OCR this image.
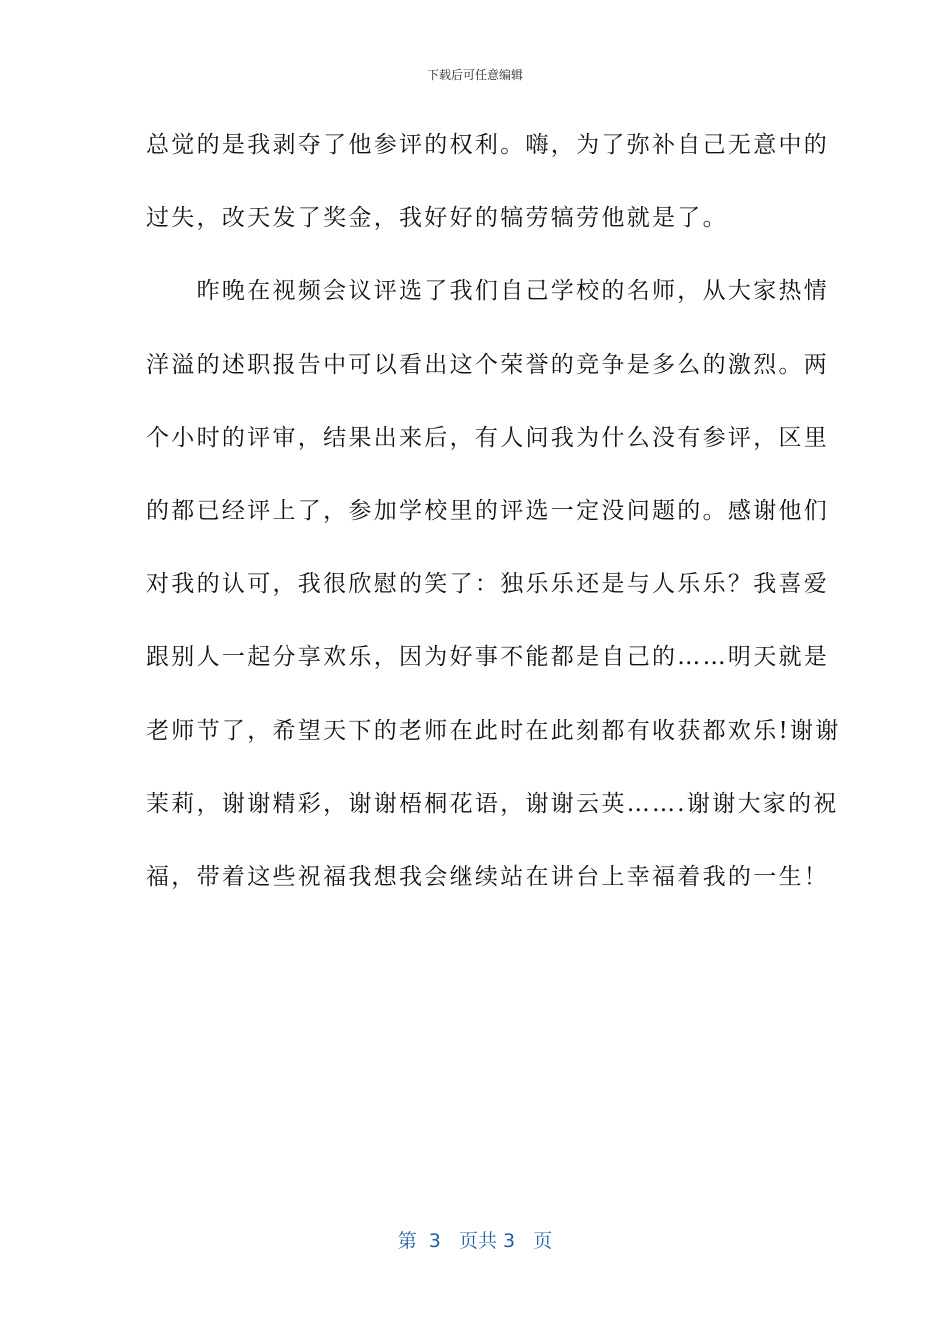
下载后可任意编辑
总觉的是我剥夺了他参评的权利。嗨，为了弥补自己无意中的
过失，改天发了奖金，我好好的犒劳犒劳他就是了。
　　昨晚在视频会议评选了我们自己学校的名师，从大家热情
洋溢的述职报告中可以看出这个荣誉的竞争是多么的激烈。两
个小时的评审，结果出来后，有人问我为什么没有参评，区里
的都已经评上了，参加学校里的评选一定没问题的。感谢他们
对我的认可，我很欣慰的笑了：独乐乐还是与人乐乐？我喜爱
跟别人一起分享欢乐，因为好事不能都是自己的……明天就是
老师节了，希望天下的老师在此时在此刻都有收获都欢乐!谢谢
茉莉，谢谢精彩，谢谢梧桐花语，谢谢云英…….谢谢大家的祝
福，带着这些祝福我想我会继续站在讲台上幸福着我的一生！
第  3   页共 3   页
